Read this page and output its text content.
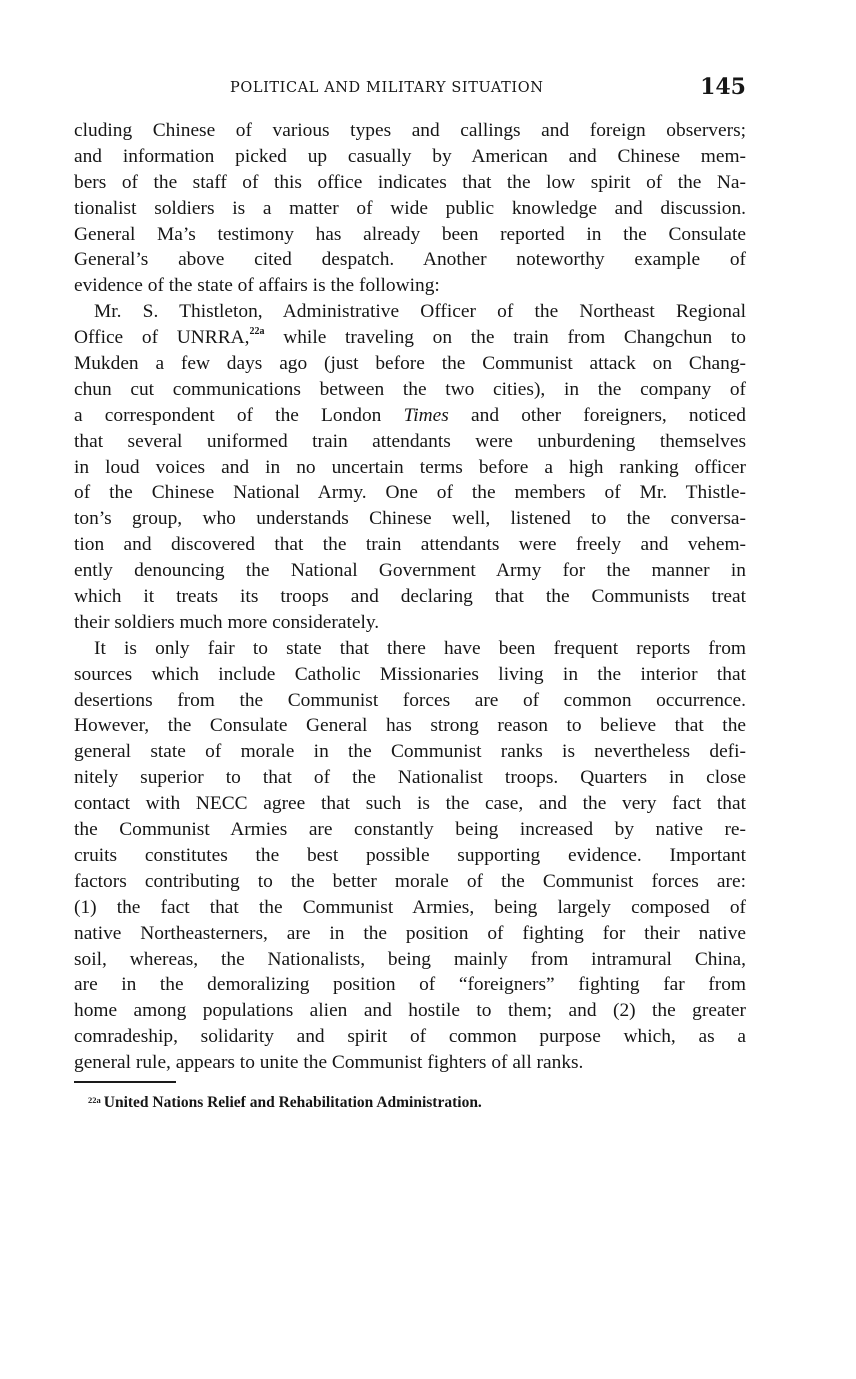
POLITICAL AND MILITARY SITUATION	145
cluding Chinese of various types and callings and foreign observers;
and information picked up casually by American and Chinese mem-
bers of the staff of this office indicates that the low spirit of the Na-
tionalist soldiers is a matter of wide public knowledge and discussion.
General Ma’s testimony has already been reported in the Consulate
General’s above cited despatch. Another noteworthy example of
evidence of the state of affairs is the following:
Mr. S. Thistleton, Administrative Officer of the Northeast Regional
Office of UNRRA,$^{22a}$ while traveling on the train from Changchun to
Mukden a few days ago (just before the Communist attack on Chang-
chun cut communications between the two cities), in the company of
a correspondent of the London Times and other foreigners, noticed
that several uniformed train attendants were unburdening themselves
in loud voices and in no uncertain terms before a high ranking officer
of the Chinese National Army. One of the members of Mr. Thistle-
ton’s group, who understands Chinese well, listened to the conversa-
tion and discovered that the train attendants were freely and vehem-
ently denouncing the National Government Army for the manner in
which it treats its troops and declaring that the Communists treat
their soldiers much more considerately.
It is only fair to state that there have been frequent reports from
sources which include Catholic Missionaries living in the interior that
desertions from the Communist forces are of common occurrence.
However, the Consulate General has strong reason to believe that the
general state of morale in the Communist ranks is nevertheless defi-
nitely superior to that of the Nationalist troops. Quarters in close
contact with NECC agree that such is the case, and the very fact that
the Communist Armies are constantly being increased by native re-
cruits constitutes the best possible supporting evidence. Important
factors contributing to the better morale of the Communist forces are:
(1) the fact that the Communist Armies, being largely composed of
native Northeasterners, are in the position of fighting for their native
soil, whereas, the Nationalists, being mainly from intramural China,
are in the demoralizing position of “foreigners” fighting far from
home among populations alien and hostile to them; and (2) the greater
comradeship, solidarity and spirit of common purpose which, as a
general rule, appears to unite the Communist fighters of all ranks.
$^{22a}$ United Nations Relief and Rehabilitation Administration.
